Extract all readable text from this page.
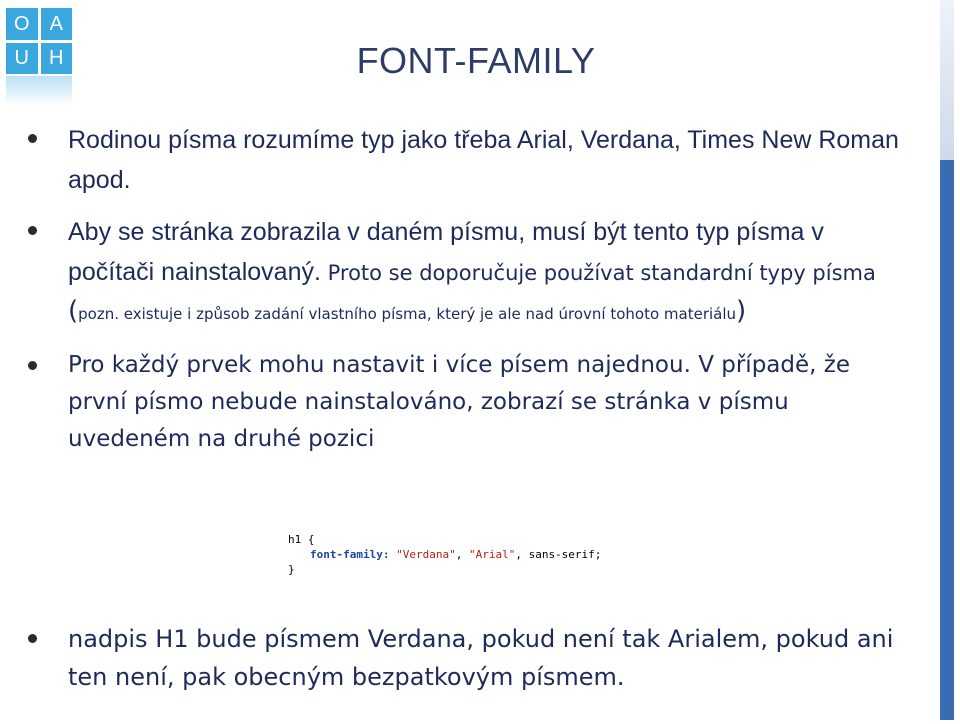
O	A
U	H	FONT-FAMILY
Rodinou písma rozumíme typ jako třeba Arial, Verdana, Times New Roman apod.
Aby se stránka zobrazila v daném písmu, musí být tento typ písma v počítači nainstalovaný. Proto se doporučuje používat standardní typy písma (pozn. existuje i způsob zadání vlastního písma, který je ale nad úrovní tohoto materiálu)
Pro každý prvek mohu nastavit i více písem najednou. V případě, že první písmo nebude nainstalováno, zobrazí se stránka v písmu uvedeném na druhé pozici
h1 {
font-family: "Verdana", "Arial", sans-serif;
}
nadpis H1 bude písmem Verdana, pokud není tak Arialem, pokud ani ten není, pak obecným bezpatkovým písmem.
